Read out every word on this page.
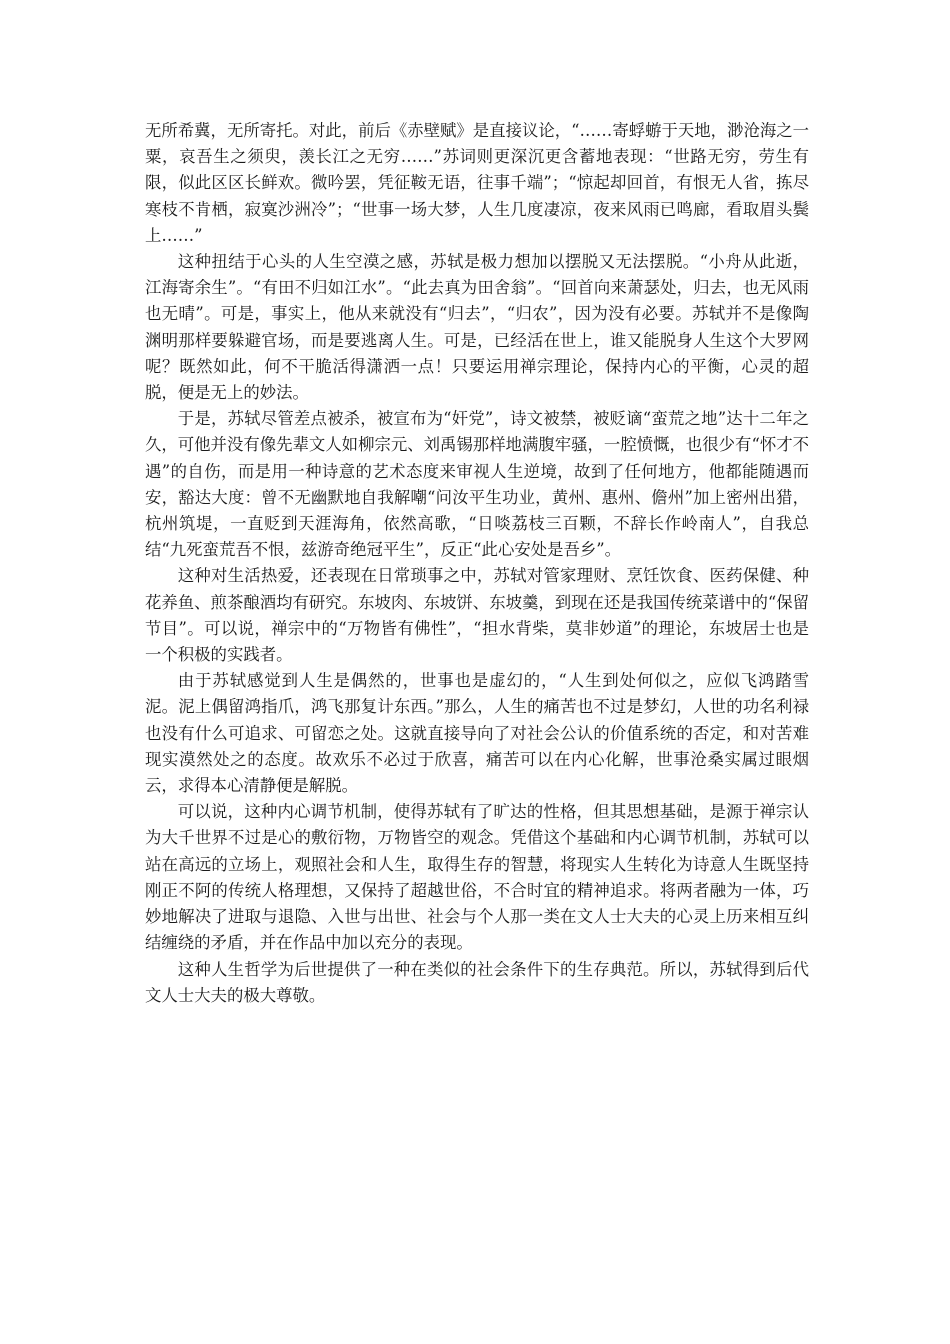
无所希冀，无所寄托。对此，前后《赤壁赋》是直接议论，“……寄蜉蝣于天地，渺沧海之一粟，哀吾生之须臾，羡长江之无穷……”苏词则更深沉更含蓄地表现：“世路无穷，劳生有限，似此区区长鲜欢。微吟罢，凭征鞍无语，往事千端”；“惊起却回首，有恨无人省，拣尽寒枝不肯栖，寂寞沙洲冷”；“世事一场大梦，人生几度凄凉，夜来风雨已鸣廊，看取眉头鬓上……”

这种扭结于心头的人生空漠之感，苏轼是极力想加以摆脱又无法摆脱。“小舟从此逝，江海寄余生”。“有田不归如江水”。“此去真为田舍翁”。“回首向来萧瑟处，归去，也无风雨也无晴”。可是，事实上，他从来就没有“归去”，“归农”，因为没有必要。苏轼并不是像陶渊明那样要躲避官场，而是要逃离人生。可是，已经活在世上，谁又能脱身人生这个大罗网呢？既然如此，何不干脆活得潇洒一点！只要运用禅宗理论，保持内心的平衡，心灵的超脱，便是无上的妙法。

于是，苏轼尽管差点被杀，被宣布为“奸党”，诗文被禁，被贬谪“蛮荒之地”达十二年之久，可他并没有像先辈文人如柳宗元、刘禹锡那样地满腹牢骚，一腔愤慨，也很少有“怀才不遇”的自伤，而是用一种诗意的艺术态度来审视人生逆境，故到了任何地方，他都能随遇而安，豁达大度：曾不无幽默地自我解嘲“问汝平生功业，黄州、惠州、儋州”加上密州出猎，杭州筑堤，一直贬到天涯海角，依然高歌，“日啖荔枝三百颗，不辞长作岭南人”，自我总结“九死蛮荒吾不恨，兹游奇绝冠平生”，反正“此心安处是吾乡”。

这种对生活热爱，还表现在日常琐事之中，苏轼对管家理财、烹饪饮食、医药保健、种花养鱼、煎茶酿酒均有研究。东坡肉、东坡饼、东坡羹，到现在还是我国传统菜谱中的“保留节目”。可以说，禅宗中的“万物皆有佛性”，“担水背柴，莫非妙道”的理论，东坡居士也是一个积极的实践者。

由于苏轼感觉到人生是偶然的，世事也是虚幻的，“人生到处何似之，应似飞鸿踏雪泥。泥上偶留鸿指爪，鸿飞那复计东西。”那么，人生的痛苦也不过是梦幻，人世的功名利禄也没有什么可追求、可留恋之处。这就直接导向了对社会公认的价值系统的否定，和对苦难现实漠然处之的态度。故欢乐不必过于欣喜，痛苦可以在内心化解，世事沧桑实属过眼烟云，求得本心清静便是解脱。

可以说，这种内心调节机制，使得苏轼有了旷达的性格，但其思想基础，是源于禅宗认为大千世界不过是心的敷衍物，万物皆空的观念。凭借这个基础和内心调节机制，苏轼可以站在高远的立场上，观照社会和人生，取得生存的智慧，将现实人生转化为诗意人生既坚持刚正不阿的传统人格理想，又保持了超越世俗，不合时宜的精神追求。将两者融为一体，巧妙地解决了进取与退隐、入世与出世、社会与个人那一类在文人士大夫的心灵上历来相互纠结缠绕的矛盾，并在作品中加以充分的表现。

这种人生哲学为后世提供了一种在类似的社会条件下的生存典范。所以，苏轼得到后代文人士大夫的极大尊敬。
